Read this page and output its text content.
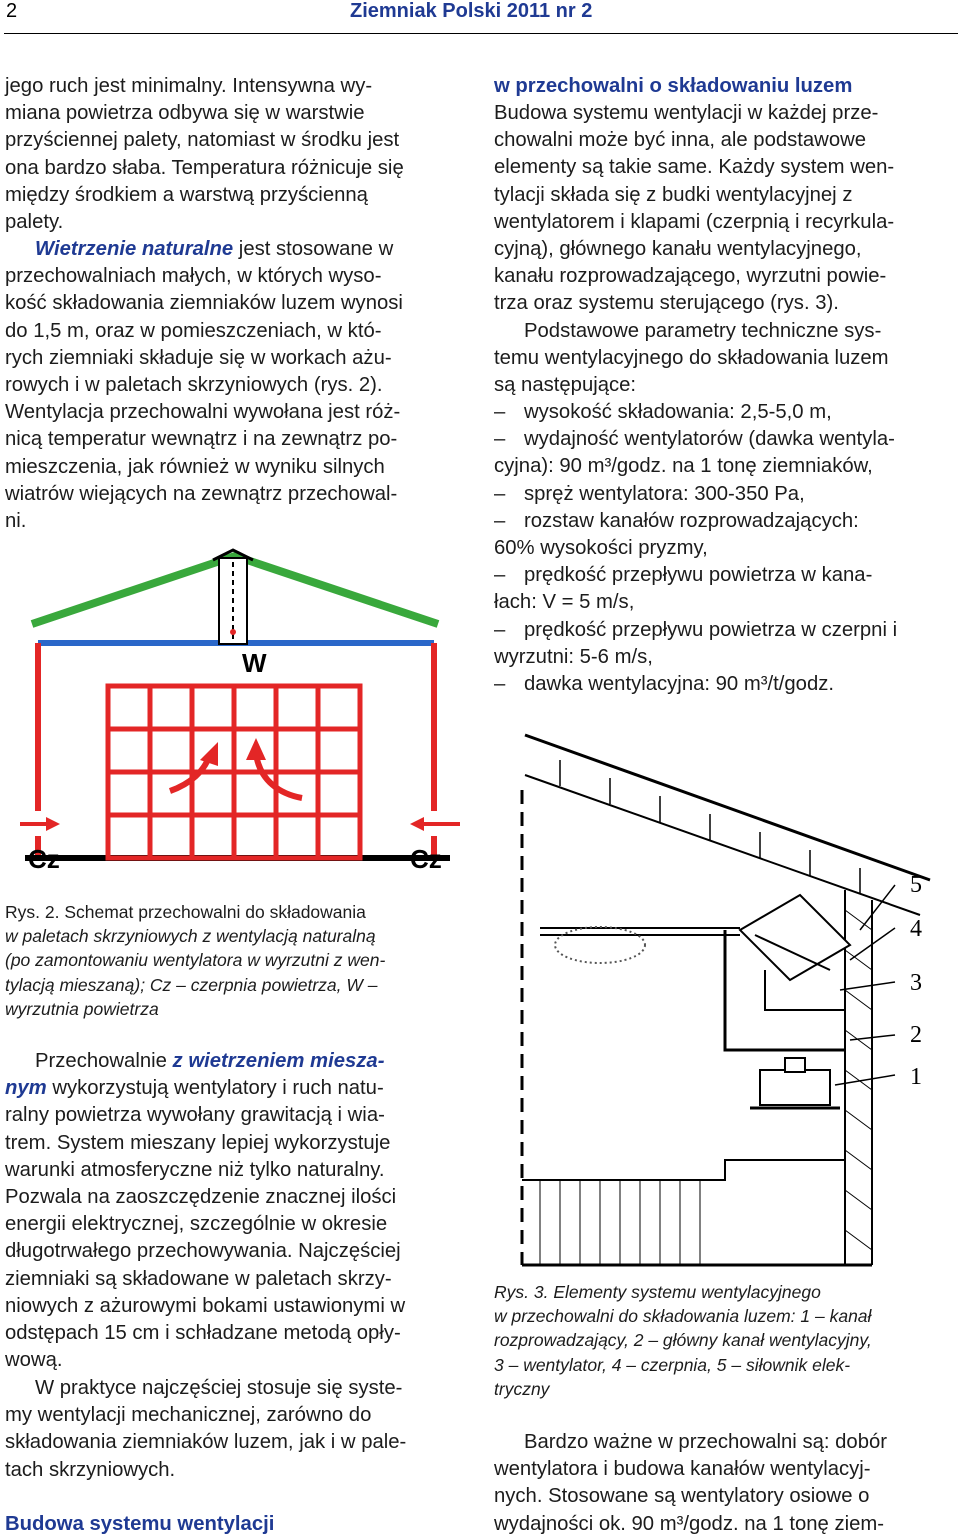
2	Ziemniak Polski 2011 nr 2
jego ruch jest minimalny. Intensywna wy-
miana powietrza odbywa się w warstwie
przyściennej palety, natomiast w środku jest
ona bardzo słaba. Temperatura różnicuje się
między środkiem a warstwą przyścienną
palety.
Wietrzenie naturalne jest stosowane w
przechowalniach małych, w których wyso-
kość składowania ziemniaków luzem wynosi
do 1,5 m, oraz w pomieszczeniach, w któ-
rych ziemniaki składuje się w workach ażu-
rowych i w paletach skrzyniowych (rys. 2).
Wentylacja przechowalni wywołana jest róż-
nicą temperatur wewnątrz i na zewnątrz po-
mieszczenia, jak również w wyniku silnych
wiatrów wiejących na zewnątrz przechowal-
ni.
W
Cz	Cz
Rys. 2. Schemat przechowalni do składowania
w paletach skrzyniowych z wentylacją naturalną
(po zamontowaniu wentylatora w wyrzutni z wen-
tylacją mieszaną); Cz – czerpnia powietrza, W –
wyrzutnia powietrza
Przechowalnie z wietrzeniem miesza-
nym wykorzystują wentylatory i ruch natu-
ralny powietrza wywołany grawitacją i wia-
trem. System mieszany lepiej wykorzystuje
warunki atmosferyczne niż tylko naturalny.
Pozwala na zaoszczędzenie znacznej ilości
energii elektrycznej, szczególnie w okresie
długotrwałego przechowywania. Najczęściej
ziemniaki są składowane w paletach skrzy-
niowych z ażurowymi bokami ustawionymi w
odstępach 15 cm i schładzane metodą opły-
wową.
W praktyce najczęściej stosuje się syste-
my wentylacji mechanicznej, zarówno do
składowania ziemniaków luzem, jak i w pale-
tach skrzyniowych.
Budowa systemu wentylacji
w przechowalni o składowaniu luzem
Budowa systemu wentylacji w każdej prze-
chowalni może być inna, ale podstawowe
elementy są takie same. Każdy system wen-
tylacji składa się z budki wentylacyjnej z
wentylatorem i klapami (czerpnią i recyrkula-
cyjną), głównego kanału wentylacyjnego,
kanału rozprowadzającego, wyrzutni powie-
trza oraz systemu sterującego (rys. 3).
Podstawowe parametry techniczne sys-
temu wentylacyjnego do składowania luzem
są następujące:
– wysokość składowania: 2,5-5,0 m,
– wydajność wentylatorów (dawka wentyla-
cyjna): 90 m³/godz. na 1 tonę ziemniaków,
– spręż wentylatora: 300-350 Pa,
– rozstaw kanałów rozprowadzających:
60% wysokości pryzmy,
– prędkość przepływu powietrza w kana-
łach: V = 5 m/s,
– prędkość przepływu powietrza w czerpni i
wyrzutni: 5-6 m/s,
– dawka wentylacyjna: 90 m³/t/godz.
5
4
3
2
1
Rys. 3. Elementy systemu wentylacyjnego
w przechowalni do składowania luzem: 1 – kanał
rozprowadzający, 2 – główny kanał wentylacyjny,
3 – wentylator, 4 – czerpnia, 5 – siłownik elek-
tryczny
Bardzo ważne w przechowalni są: dobór
wentylatora i budowa kanałów wentylacyj-
nych. Stosowane są wentylatory osiowe o
wydajności ok. 90 m³/godz. na 1 tonę ziem-
